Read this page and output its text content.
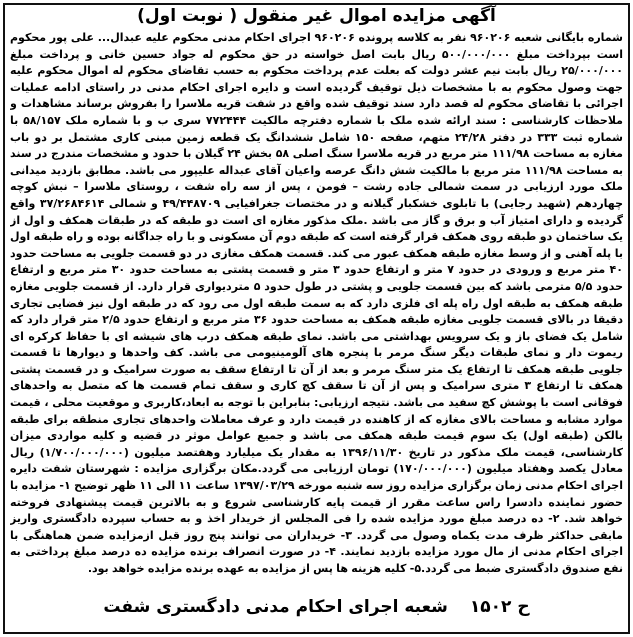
آگهی مزایده اموال غیر منقول ( نوبت اول)
شماره بایگانی شعبه ۹۶۰۲۰۶ نفر به کلاسه پرونده ۹۶۰۲۰۶ اجرای احکام مدنی محکوم علیه عبدال... علی پور محکوم است بپرداخت مبلغ ۵۰۰/۰۰۰/۰۰۰ ریال بابت اصل خواسته در حق محکوم له جواد حسین خانی و پرداخت مبلغ ۲۵/۰۰۰/۰۰۰ ریال بابت نیم عشر دولت که بعلت عدم پرداخت محکوم به حسب تقاضای محکوم له اموال محکوم علیه جهت وصول محکوم به با مشخصات ذیل توقیف گردیده است و دایره اجرای احکام مدنی در راستای ادامه عملیات اجرائی با تقاضای محکوم له قصد دارد سند توقیف شده واقع در شفت قریه ملاسرا را بفروش برساند مشاهدات و ملاحظات کارشناسی : سند ارائه شده ملک با شماره دفترچه مالکیت ۷۷۲۴۴۴ سری ب و با شماره ملک ۵۸/۱۵۷ با شماره ثبت ۳۳۳ در دفتر ۲۴/۲۸ متهم، صفحه ۱۵۰ شامل ششدانگ یک قطعه زمین مبنی کاری مشتمل بر دو باب مغازه به مساحت ۱۱۱/۹۸ متر مربع در قریه ملاسرا سنگ اصلی ۵۸ بخش ۲۴ گیلان با حدود و مشخصات مندرج در سند به مساحت ۱۱۱/۹۸ متر مربع با مالکیت شش دانگ عرصه واعیان آقای عبداله علیپور می باشد. مطابق بازدید میدانی ملک مورد ارزیابی در سمت شمالی جاده رشت – فومن ، پس از سه راه شفت ، روستای ملاسرا – نبش کوچه چهاردهم (شهید رجایی) با تابلوی خشکبار گیلانه و در مختصات جغرافیایی ۴۹/۴۴۸۷۰۹ و شمالی ۳۷/۲۶۸۴۶۱۴ واقع گردیده و دارای امتیاز آب و برق و گاز می باشد .ملک مذکور مغازه ای است دو طبقه که در طبقات همکف و اول از یک ساختمان دو طبقه روی همکف قرار گرفته است که طبقه دوم آن مسکونی و با راه جداگانه بوده و راه طبقه اول با پله آهنی و از وسط مغازه طبقه همکف عبور می کند. قسمت همکف مغازی در دو قسمت جلویی به مساحت حدود ۴۰ متر مربع و ورودی در حدود ۷ متر و ارتفاع حدود ۳ متر و قسمت پشتی به مساحت حدود ۳۰ متر مربع و ارتفاع حدود ۵/۵ مترمی باشد که بین قسمت جلویی و پشتی در طول حدود ۵ مترديواری قرار دارد. از قسمت جلویی مغازه طبقه همکف به طبقه اول راه پله ای فلزی دارد که به سمت طبقه اول می رود که در طبقه اول نیز فضایی تجاری دقیقا در بالای قسمت جلویی مغازه طبقه همکف به مساحت حدود ۳۶ متر مربع و ارتفاع حدود ۲/۵ متر قرار دارد که شامل یک فضای باز و یک سرویس بهداشتی می باشد. نمای طبقه همکف درب های شیشه ای با حفاظ کرکره ای ریموت دار و نمای طبقات دیگر سنگ مرمر با پنجره های آلومینیومی می باشد. کف واحدها و دیوارها تا قسمت جلویی طبقه همکف تا ارتفاع یک متر سنگ مرمر و بعد از آن تا ارتفاع سقف به صورت سرامیک و در قسمت پشتی همکف تا ارتفاع ۳ متری سرامیک و پس از آن تا سقف کچ کاری و سقف تمام قسمت ها که متصل به واحدهای فوقانی است با پوشش کچ سفید می باشد. نتیجه ارزیابی: بنابراین با توجه به ابعاد،کاربری و موقعیت محلی ، قیمت موارد مشابه و مساحت بالای مغازه که از کاهنده در قیمت دارد و عرف معاملات واحدهای تجاری منطقه برای طبقه بالکن (طبقه اول) یک سوم قیمت طبقه همکف می باشد و جمیع عوامل موثر در قضیه و کلیه مواردی میزان کارشناسی، قیمت ملک مذکور در تاریخ ۱۳۹۶/۱۱/۳۰ به مقدار یک میلیارد وهفتصد میلیون (۱/۷۰۰/۰۰۰/۰۰۰) ریال معادل یکصد وهفتاد میلیون (۱۷۰/۰۰۰/۰۰۰) تومان ارزیابی می گردد.مکان برگزاری مزایده : شهرستان شفت دایره اجرای احکام مدنی زمان برگزاری مزایده روز سه شنبه مورخه ۱۳۹۷/۰۳/۲۹ ساعت ۱۱ الی ۱۱ ظهر توضیح ۱- مزایده با حضور نماینده دادسرا راس ساعت مقرر از قیمت پایه کارشناسی شروع و به بالاترین قیمت پیشنهادی فروخته خواهد شد. ۲- ده درصد مبلغ مورد مزایده شده را فی المجلس از خریدار اخذ و به حساب سپرده دادگستری واریز مابقی حداکثر ظرف مدت یکماه وصول می گردد. ۳- خریداران می توانند پنج روز قبل ازمزایده ضمن هماهنگی با اجرای احکام مدنی از مال مورد مزایده بازدید نمایند. ۴- در صورت انصراف برنده مزایده ده درصد مبلغ پرداختی به نفع صندوق دادگستری ضبط می گردد.۵- کلیه هزینه ها پس از مزایده به عهده برنده مزایده خواهد بود.
ح ۱۵۰۲
شعبه اجرای احکام مدنی دادگستری شفت
